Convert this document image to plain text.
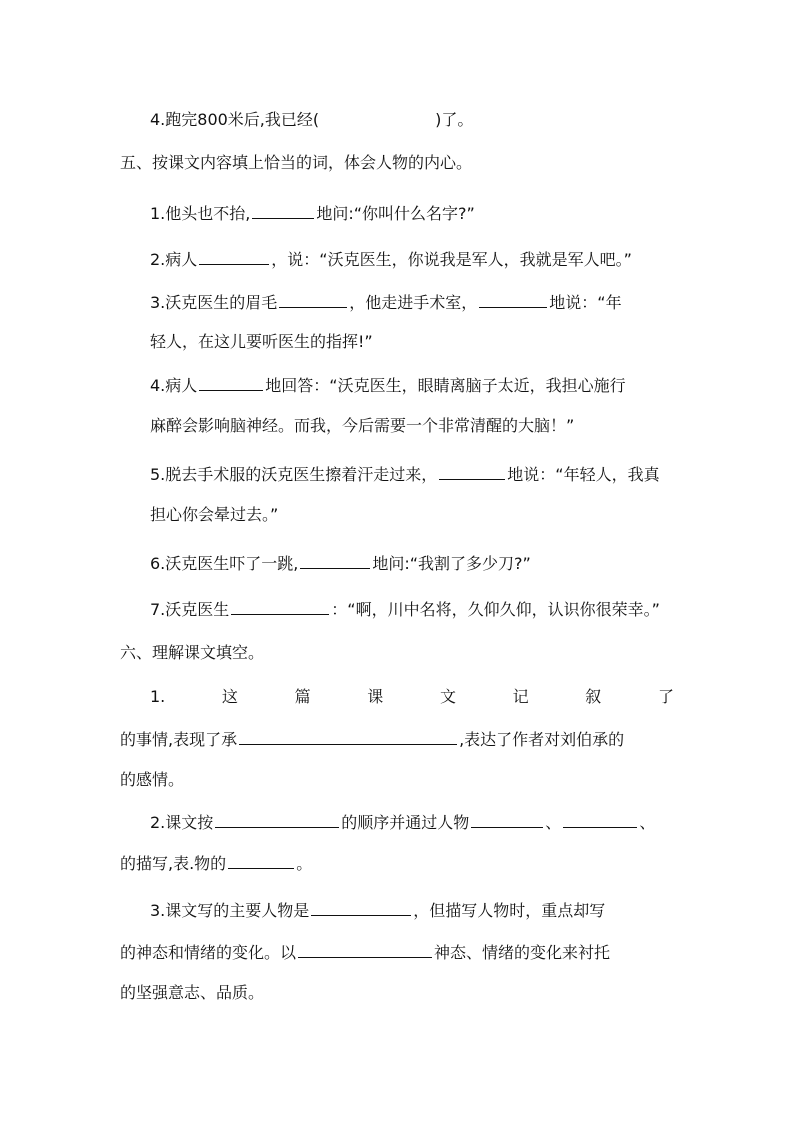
4.跑完800米后,我已经(	)了。
五、按课文内容填上恰当的词，体会人物的内心。
1.他头也不抬,	地问:“你叫什么名字?”
2.病人	，说：“沃克医生，你说我是军人，我就是军人吧。”
3.沃克医生的眉毛	，他走进手术室，	地说：“年
轻人，在这儿要听医生的指挥!”
4.病人	地回答：“沃克医生，眼睛离脑子太近，我担心施行
麻醉会影响脑神经。而我，今后需要一个非常清醒的大脑！”
5.脱去手术服的沃克医生擦着汗走过来，	地说：“年轻人，我真
担心你会晕过去。”
6.沃克医生吓了一跳,	地问:“我割了多少刀?”
7.沃克医生	：“啊，川中名将，久仰久仰，认识你很荣幸。”
六、理解课文填空。
1.	这	篇	课	文	记	叙	了
的事情,表现了承	,表达了作者对刘伯承的
的感情。
2.课文按	的顺序并通过人物	、	、
的描写,表.物的	。
3.课文写的主要人物是	，但描写人物时，重点却写
的神态和情绪的变化。以	神态、情绪的变化来衬托
的坚强意志、品质。
